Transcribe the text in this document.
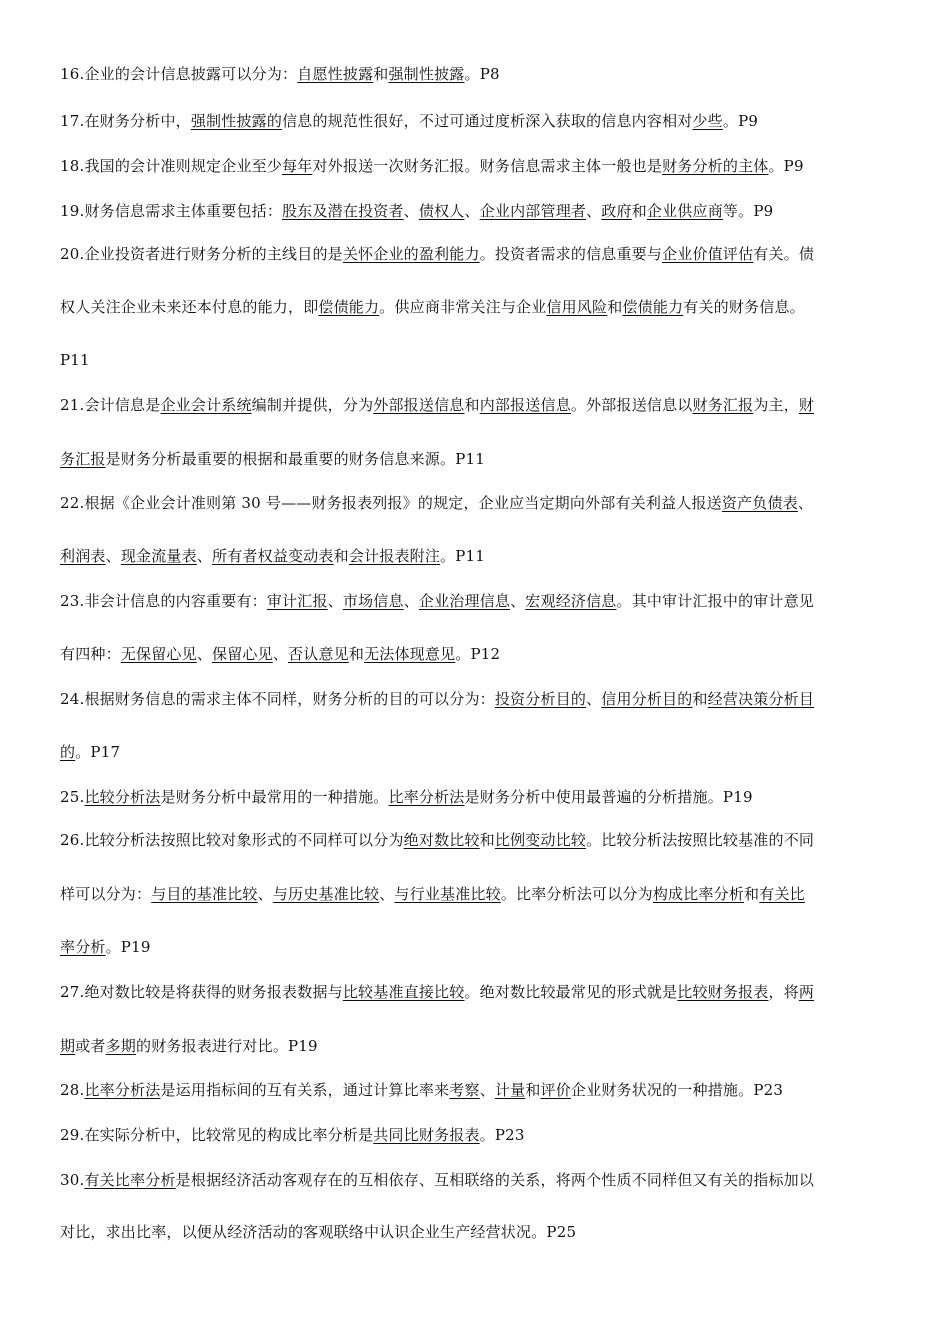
16.企业的会计信息披露可以分为：自愿性披露和强制性披露。P8
17.在财务分析中，强制性披露的信息的规范性很好，不过可通过度析深入获取的信息内容相对少些。P9
18.我国的会计准则规定企业至少每年对外报送一次财务汇报。财务信息需求主体一般也是财务分析的主体。P9
19.财务信息需求主体重要包括：股东及潜在投资者、债权人、企业内部管理者、政府和企业供应商等。P9
20.企业投资者进行财务分析的主线目的是关怀企业的盈利能力。投资者需求的信息重要与企业价值评估有关。债
权人关注企业未来还本付息的能力，即偿债能力。供应商非常关注与企业信用风险和偿债能力有关的财务信息。
P11
21.会计信息是企业会计系统编制并提供，分为外部报送信息和内部报送信息。外部报送信息以财务汇报为主，财
务汇报是财务分析最重要的根据和最重要的财务信息来源。P11
22.根据《企业会计准则第 30 号——财务报表列报》的规定，企业应当定期向外部有关利益人报送资产负债表、
利润表、现金流量表、所有者权益变动表和会计报表附注。P11
23.非会计信息的内容重要有：审计汇报、市场信息、企业治理信息、宏观经济信息。其中审计汇报中的审计意见
有四种：无保留心见、保留心见、否认意见和无法体现意见。P12
24.根据财务信息的需求主体不同样，财务分析的目的可以分为：投资分析目的、信用分析目的和经营决策分析目
的。P17
25.比较分析法是财务分析中最常用的一种措施。比率分析法是财务分析中使用最普遍的分析措施。P19
26.比较分析法按照比较对象形式的不同样可以分为绝对数比较和比例变动比较。比较分析法按照比较基准的不同
样可以分为：与目的基准比较、与历史基准比较、与行业基准比较。比率分析法可以分为构成比率分析和有关比
率分析。P19
27.绝对数比较是将获得的财务报表数据与比较基准直接比较。绝对数比较最常见的形式就是比较财务报表，将两
期或者多期的财务报表进行对比。P19
28.比率分析法是运用指标间的互有关系，通过计算比率来考察、计量和评价企业财务状况的一种措施。P23
29.在实际分析中，比较常见的构成比率分析是共同比财务报表。P23
30.有关比率分析是根据经济活动客观存在的互相依存、互相联络的关系，将两个性质不同样但又有关的指标加以
对比，求出比率，以便从经济活动的客观联络中认识企业生产经营状况。P25
